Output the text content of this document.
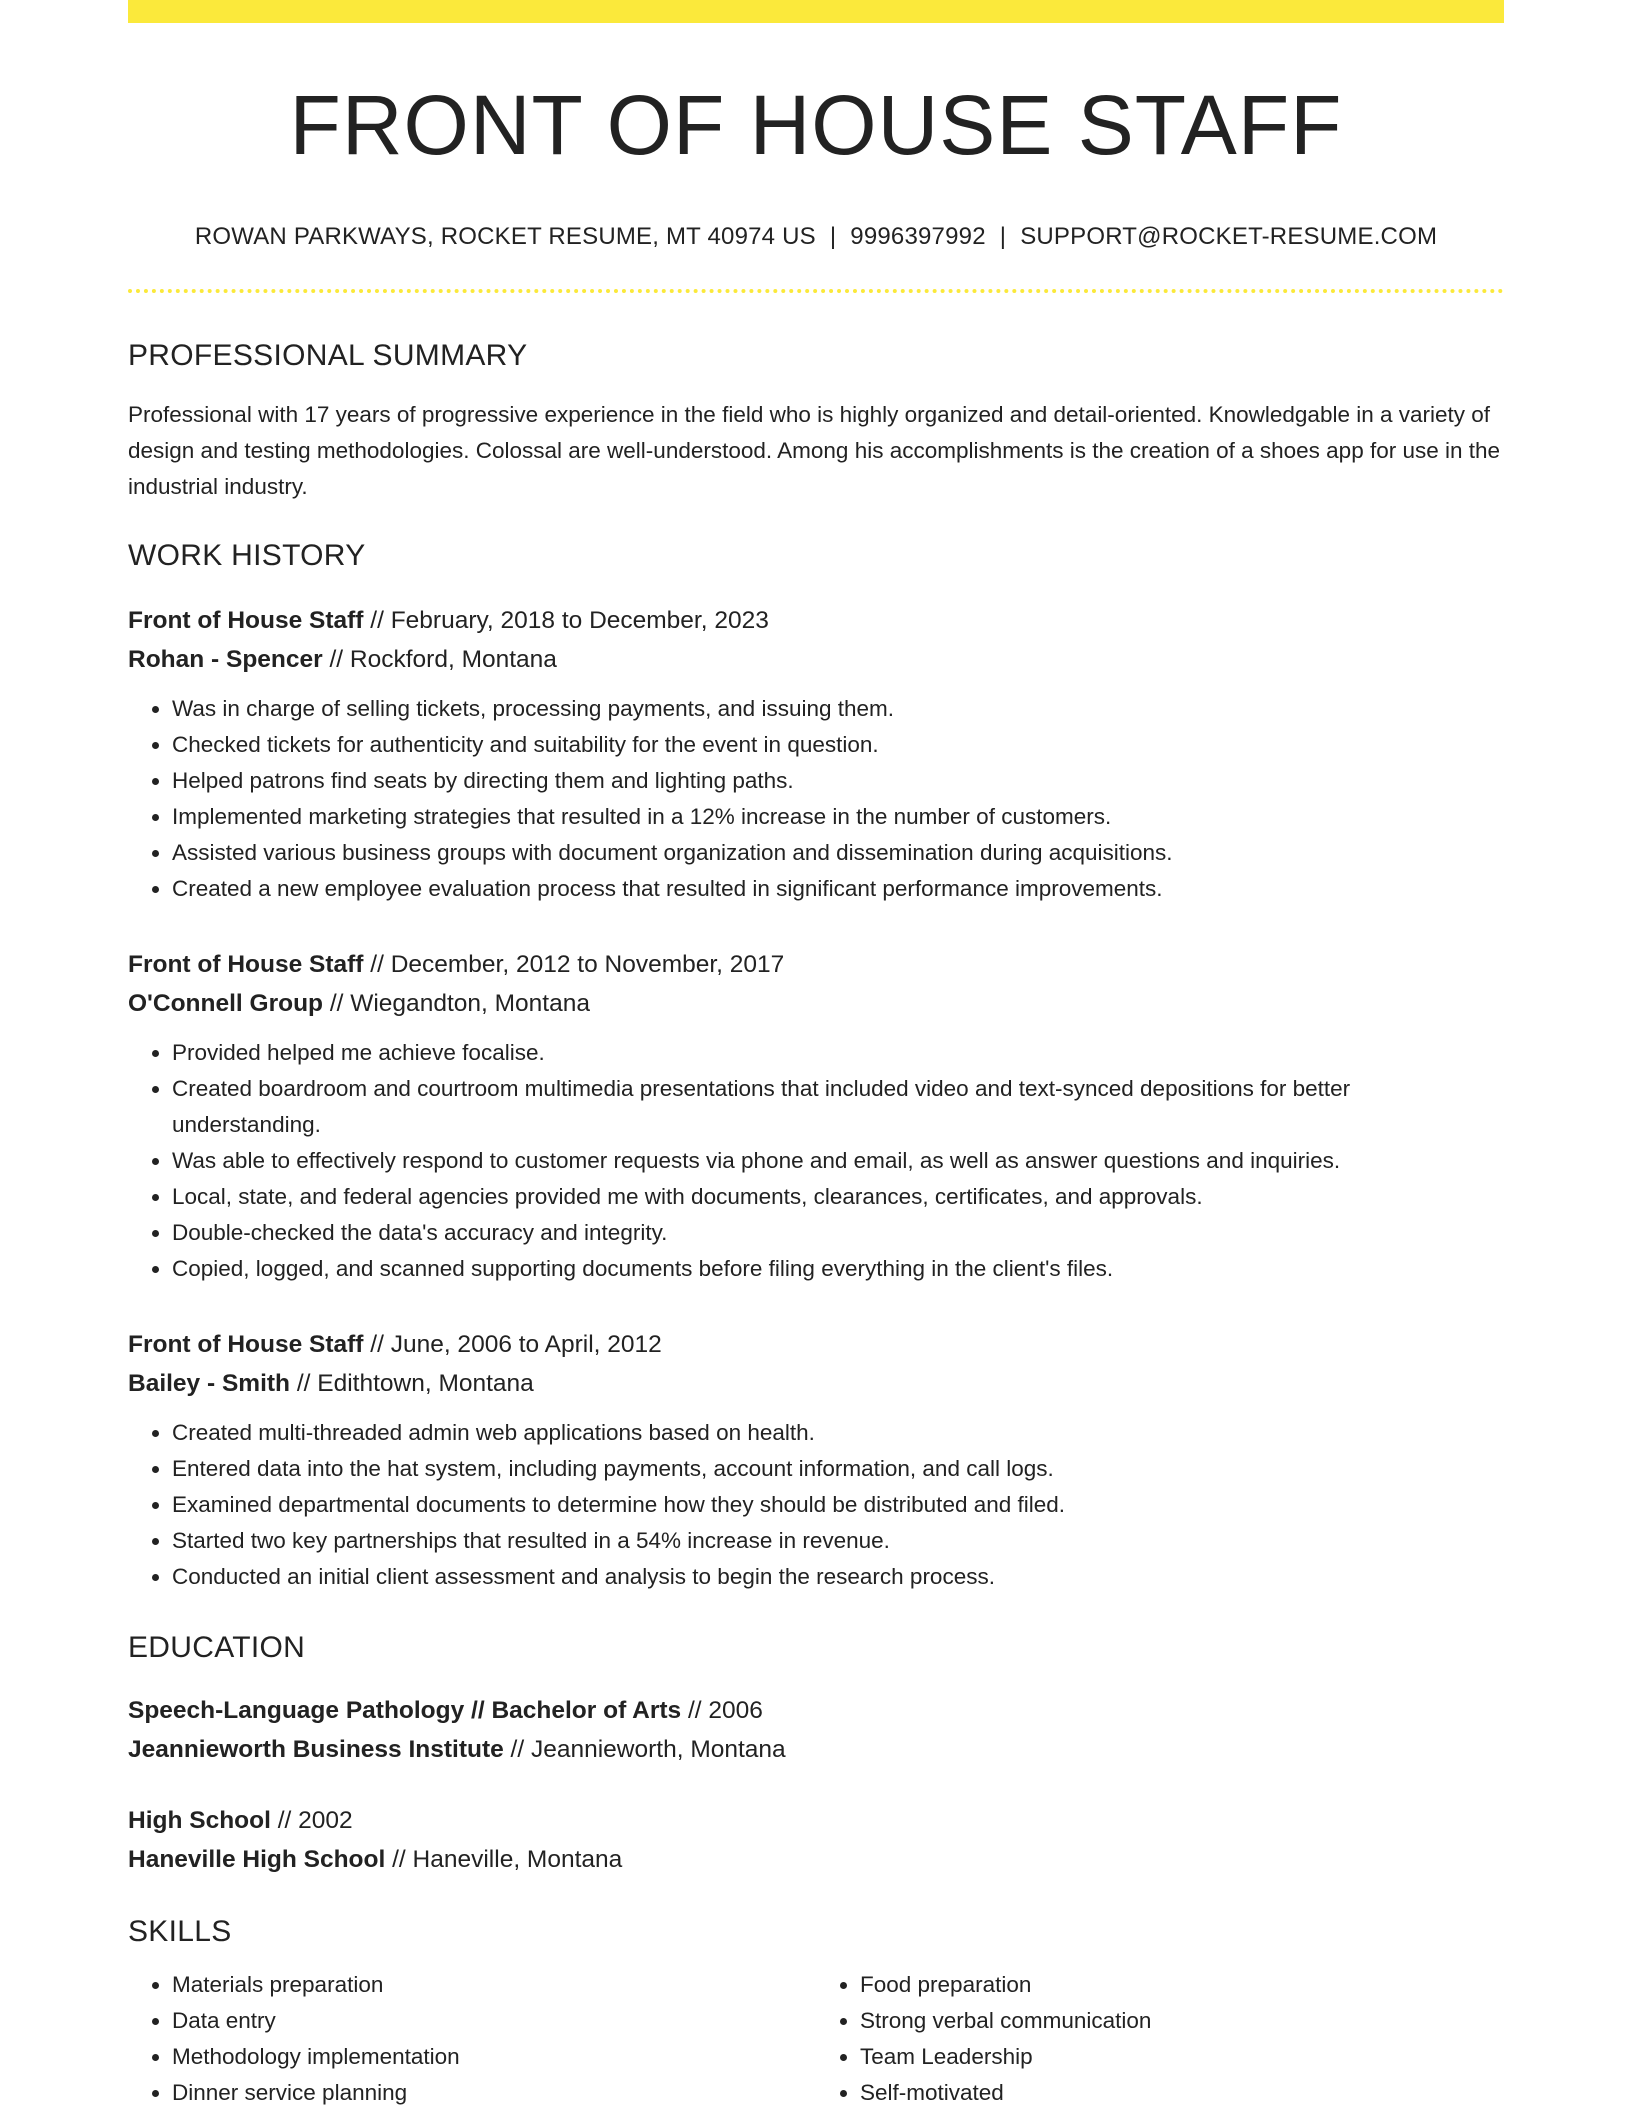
FRONT OF HOUSE STAFF
ROWAN PARKWAYS, ROCKET RESUME, MT 40974 US | 9996397992 | SUPPORT@ROCKET-RESUME.COM
PROFESSIONAL SUMMARY
Professional with 17 years of progressive experience in the field who is highly organized and detail-oriented. Knowledgable in a variety of design and testing methodologies. Colossal are well-understood. Among his accomplishments is the creation of a shoes app for use in the industrial industry.
WORK HISTORY
Front of House Staff // February, 2018 to December, 2023
Rohan - Spencer // Rockford, Montana
• Was in charge of selling tickets, processing payments, and issuing them.
• Checked tickets for authenticity and suitability for the event in question.
• Helped patrons find seats by directing them and lighting paths.
• Implemented marketing strategies that resulted in a 12% increase in the number of customers.
• Assisted various business groups with document organization and dissemination during acquisitions.
• Created a new employee evaluation process that resulted in significant performance improvements.
Front of House Staff // December, 2012 to November, 2017
O'Connell Group // Wiegandton, Montana
• Provided helped me achieve focalise.
• Created boardroom and courtroom multimedia presentations that included video and text-synced depositions for better understanding.
• Was able to effectively respond to customer requests via phone and email, as well as answer questions and inquiries.
• Local, state, and federal agencies provided me with documents, clearances, certificates, and approvals.
• Double-checked the data's accuracy and integrity.
• Copied, logged, and scanned supporting documents before filing everything in the client's files.
Front of House Staff // June, 2006 to April, 2012
Bailey - Smith // Edithtown, Montana
• Created multi-threaded admin web applications based on health.
• Entered data into the hat system, including payments, account information, and call logs.
• Examined departmental documents to determine how they should be distributed and filed.
• Started two key partnerships that resulted in a 54% increase in revenue.
• Conducted an initial client assessment and analysis to begin the research process.
EDUCATION
Speech-Language Pathology // Bachelor of Arts // 2006
Jeannieworth Business Institute // Jeannieworth, Montana
High School // 2002
Haneville High School // Haneville, Montana
SKILLS
• Materials preparation
• Data entry
• Methodology implementation
• Dinner service planning
• Food preparation
• Strong verbal communication
• Team Leadership
• Self-motivated
